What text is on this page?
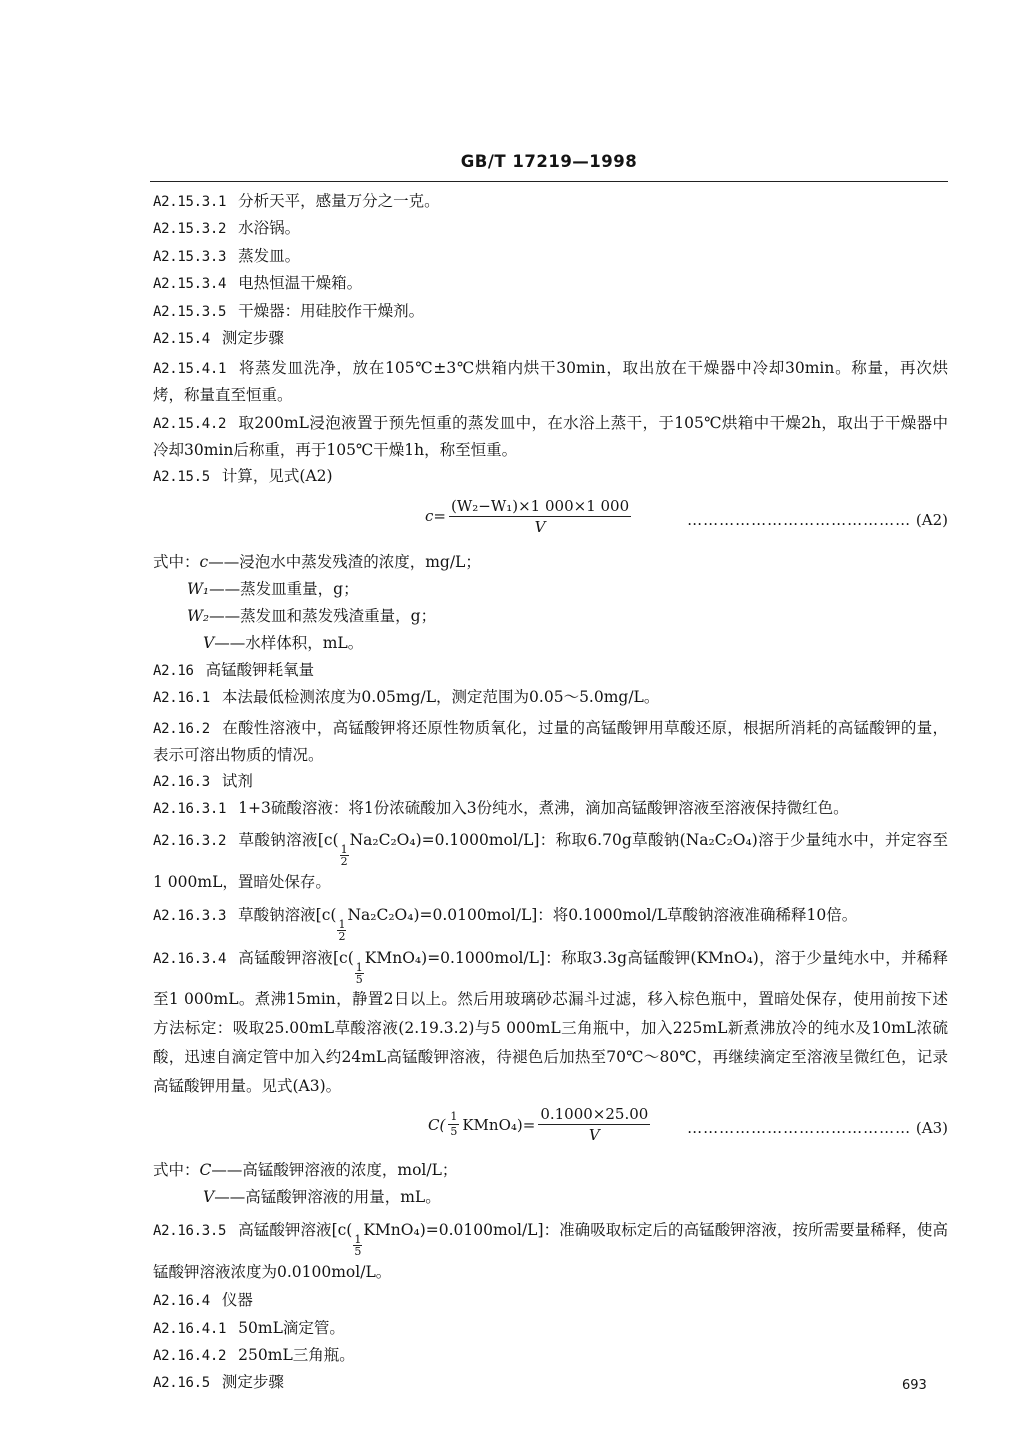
GB/T 17219—1998

A2.15.3.1 分析天平，感量万分之一克。

A2.15.3.2 水浴锅。

A2.15.3.3 蒸发皿。

A2.15.3.4 电热恒温干燥箱。

A2.15.3.5 干燥器：用硅胶作干燥剂。

A2.15.4 测定步骤

A2.15.4.1 将蒸发皿洗净，放在105℃±3℃烘箱内烘干30min，取出放在干燥器中冷却30min。称量，再次烘烤，称量直至恒重。

A2.15.4.2 取200mL浸泡液置于预先恒重的蒸发皿中，在水浴上蒸干，于105℃烘箱中干燥2h，取出于干燥器中冷却30min后称重，再于105℃干燥1h，称至恒重。

A2.15.5 计算，见式(A2)

$c= \frac{\text{(W₂−W₁)×1 000×1 000}}{V}$	…………………………………… (A2)

式中：c——浸泡水中蒸发残渣的浓度，mg/L；

W₁——蒸发皿重量，g；

W₂——蒸发皿和蒸发残渣重量，g；

V——水样体积，mL。

A2.16 高锰酸钾耗氧量

A2.16.1 本法最低检测浓度为0.05mg/L，测定范围为0.05～5.0mg/L。

A2.16.2 在酸性溶液中，高锰酸钾将还原性物质氧化，过量的高锰酸钾用草酸还原，根据所消耗的高锰酸钾的量，表示可溶出物质的情况。

A2.16.3 试剂

A2.16.3.1 1+3硫酸溶液：将1份浓硫酸加入3份纯水，煮沸，滴加高锰酸钾溶液至溶液保持微红色。

A2.16.3.2 草酸钠溶液[c(
$\frac{1}{2}$
Na₂C₂O₄)=0.1000mol/L]：称取6.70g草酸钠(Na₂C₂O₄)溶于少量纯水中，并定容至1 000mL，置暗处保存。

A2.16.3.3 草酸钠溶液[c(
$\frac{1}{2}$
Na₂C₂O₄)=0.0100mol/L]：将0.1000mol/L草酸钠溶液准确稀释10倍。

A2.16.3.4 高锰酸钾溶液[c(
$\frac{1}{5}$
KMnO₄)=0.1000mol/L]：称取3.3g高锰酸钾(KMnO₄)，溶于少量纯水中，并稀释至1 000mL。煮沸15min，静置2日以上。然后用玻璃砂芯漏斗过滤，移入棕色瓶中，置暗处保存，使用前按下述方法标定：吸取25.00mL草酸溶液(2.19.3.2)与5 000mL三角瓶中，加入225mL新煮沸放冷的纯水及10mL浓硫酸，迅速自滴定管中加入约24mL高锰酸钾溶液，待褪色后加热至70℃～80℃，再继续滴定至溶液呈微红色，记录高锰酸钾用量。见式(A3)。

$C( \frac{1}{5}$ KMnO₄)= $\frac{0.1000\times 25.00}{V}$ …………………………………… (A3)

式中：C——高锰酸钾溶液的浓度，mol/L；

V——高锰酸钾溶液的用量，mL。

A2.16.3.5 高锰酸钾溶液[c(
$\frac{1}{5}$
KMnO₄)=0.0100mol/L]：准确吸取标定后的高锰酸钾溶液，按所需要量稀释，使高锰酸钾溶液浓度为0.0100mol/L。

A2.16.4 仪器

A2.16.4.1 50mL滴定管。

A2.16.4.2 250mL三角瓶。

A2.16.5 测定步骤	693
